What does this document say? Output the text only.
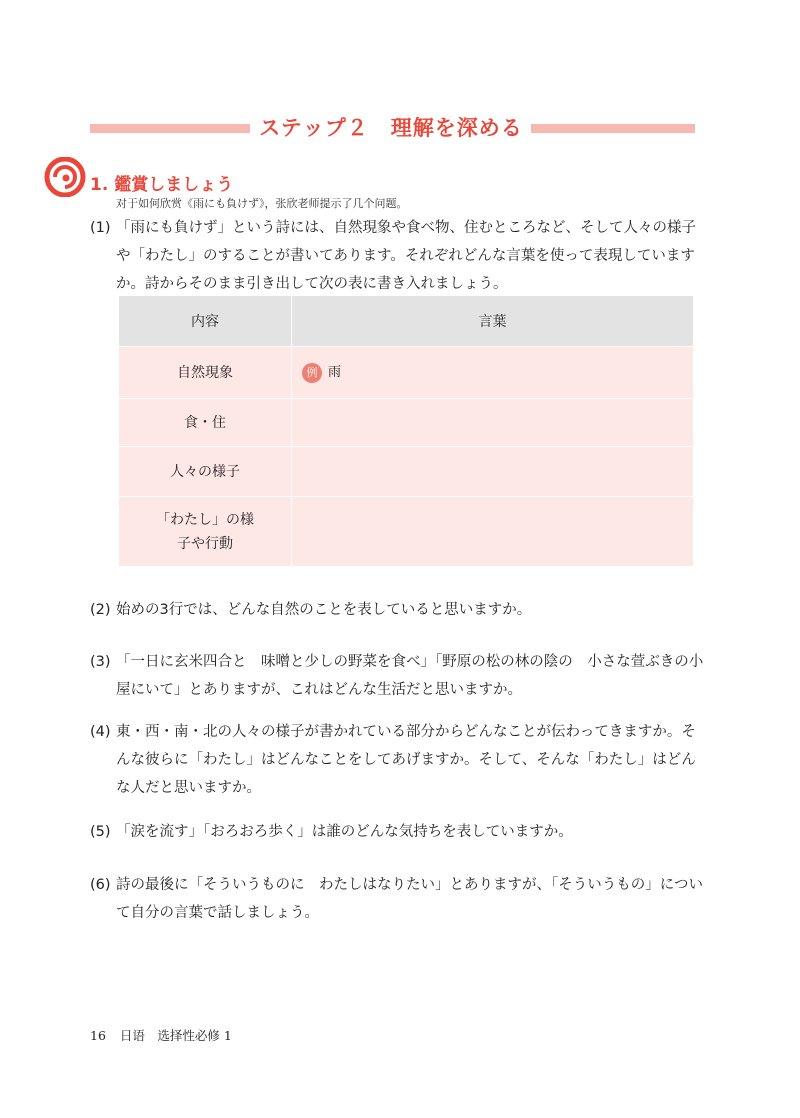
ステップ２　理解を深める
1. 鑑賞しましょう
对于如何欣赏《雨にも負けず》，张欣老师提示了几个问题。
(1) 「雨にも負けず」という詩には、自然現象や食べ物、住むところなど、そして人々の様子や「わたし」のすることが書いてあります。それぞれどんな言葉を使って表現していますか。詩からそのまま引き出して次の表に書き入れましょう。
内容	言葉
自然現象	例 雨
食・住	
人々の様子	
「わたし」の様子や行動	
(2) 始めの3行では、どんな自然のことを表していると思いますか。
(3) 「一日に玄米四合と　味噌と少しの野菜を食べ」「野原の松の林の陰の　小さな萱ぶきの小屋にいて」とありますが、これはどんな生活だと思いますか。
(4) 東・西・南・北の人々の様子が書かれている部分からどんなことが伝わってきますか。そんな彼らに「わたし」はどんなことをしてあげますか。そして、そんな「わたし」はどんな人だと思いますか。
(5) 「涙を流す」「おろおろ歩く」は誰のどんな気持ちを表していますか。
(6) 詩の最後に「そういうものに　わたしはなりたい」とありますが、「そういうもの」について自分の言葉で話しましょう。
16 日语　选择性必修 1
